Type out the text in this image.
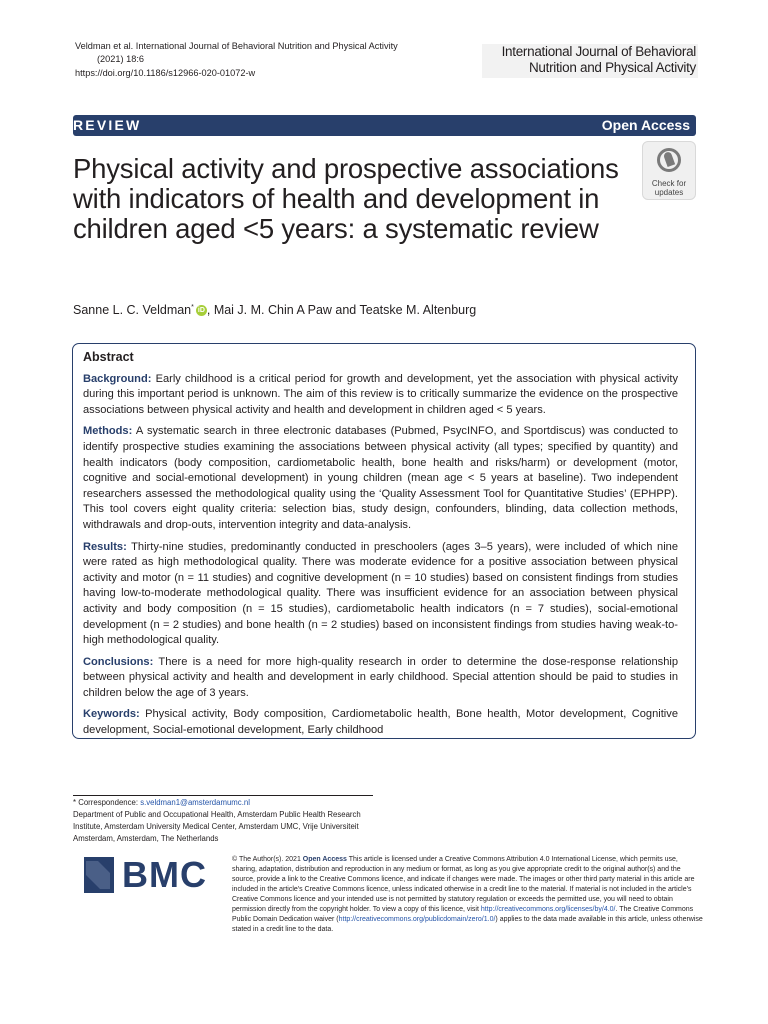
Veldman et al. International Journal of Behavioral Nutrition and Physical Activity
(2021) 18:6
https://doi.org/10.1186/s12966-020-01072-w
International Journal of Behavioral
Nutrition and Physical Activity
REVIEW	Open Access
Physical activity and prospective associations with indicators of health and development in children aged <5 years: a systematic review
Check for
updates
Sanne L. C. Veldman* iD , Mai J. M. Chin A Paw and Teatske M. Altenburg
Abstract

Background: Early childhood is a critical period for growth and development, yet the association with physical activity during this important period is unknown. The aim of this review is to critically summarize the evidence on the prospective associations between physical activity and health and development in children aged < 5 years.

Methods: A systematic search in three electronic databases (Pubmed, PsycINFO, and Sportdiscus) was conducted to identify prospective studies examining the associations between physical activity (all types; specified by quantity) and health indicators (body composition, cardiometabolic health, bone health and risks/harm) or development (motor, cognitive and social-emotional development) in young children (mean age < 5 years at baseline). Two independent researchers assessed the methodological quality using the ‘Quality Assessment Tool for Quantitative Studies’ (EPHPP). This tool covers eight quality criteria: selection bias, study design, confounders, blinding, data collection methods, withdrawals and drop-outs, intervention integrity and data-analysis.

Results: Thirty-nine studies, predominantly conducted in preschoolers (ages 3–5 years), were included of which nine were rated as high methodological quality. There was moderate evidence for a positive association between physical activity and motor (n = 11 studies) and cognitive development (n = 10 studies) based on consistent findings from studies having low-to-moderate methodological quality. There was insufficient evidence for an association between physical activity and body composition (n = 15 studies), cardiometabolic health indicators (n = 7 studies), social-emotional development (n = 2 studies) and bone health (n = 2 studies) based on inconsistent findings from studies having weak-to-high methodological quality.

Conclusions: There is a need for more high-quality research in order to determine the dose-response relationship between physical activity and health and development in early childhood. Special attention should be paid to studies in children below the age of 3 years.

Keywords: Physical activity, Body composition, Cardiometabolic health, Bone health, Motor development, Cognitive development, Social-emotional development, Early childhood

* Correspondence: s.veldman1@amsterdamumc.nl
Department of Public and Occupational Health, Amsterdam Public Health Research Institute, Amsterdam University Medical Center, Amsterdam UMC, Vrije Universiteit Amsterdam, Amsterdam, The Netherlands
BMC	© The Author(s). 2021 Open Access This article is licensed under a Creative Commons Attribution 4.0 International License, which permits use, sharing, adaptation, distribution and reproduction in any medium or format, as long as you give appropriate credit to the original author(s) and the source, provide a link to the Creative Commons licence, and indicate if changes were made. The images or other third party material in this article are included in the article's Creative Commons licence, unless indicated otherwise in a credit line to the material. If material is not included in the article's Creative Commons licence and your intended use is not permitted by statutory regulation or exceeds the permitted use, you will need to obtain permission directly from the copyright holder. To view a copy of this licence, visit http://creativecommons.org/licenses/by/4.0/. The Creative Commons Public Domain Dedication waiver (http://creativecommons.org/publicdomain/zero/1.0/) applies to the data made available in this article, unless otherwise stated in a credit line to the data.
